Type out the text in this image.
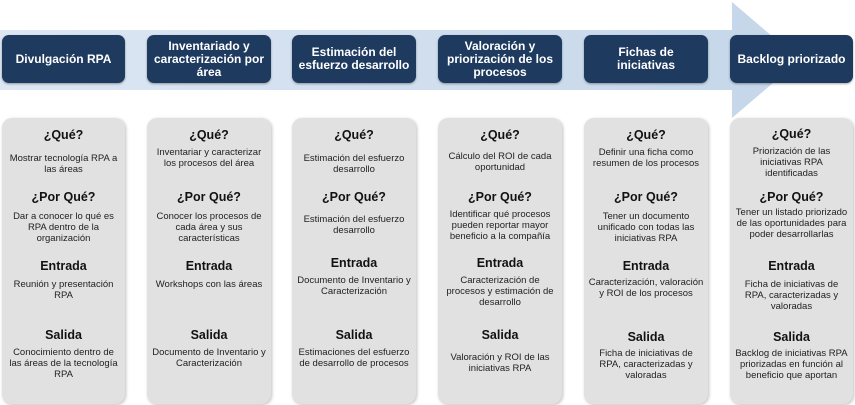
Divulgación RPA
Inventariado y caracterización por área
Estimación del esfuerzo desarrollo
Valoración y priorización de los procesos
Fichas de iniciativas	Backlog priorizado
¿Qué?
Mostrar tecnología RPA a las áreas
¿Por Qué?
Dar a conocer lo qué es RPA dentro de la organización
Entrada
Reunión y presentación RPA
Salida
Conocimiento dentro de las áreas de la tecnología RPA
¿Qué?
Inventariar y caracterizar los procesos del área
¿Por Qué?
Conocer los procesos de cada área y sus características
Entrada
Workshops con las áreas
Salida
Documento de Inventario y Caracterización
¿Qué?
Estimación del esfuerzo desarrollo
¿Por Qué?
Estimación del esfuerzo desarrollo
Entrada
Documento de Inventario y Caracterización
Salida
Estimaciones del esfuerzo de desarrollo de procesos
¿Qué?
Cálculo del ROI de cada oportunidad
¿Por Qué?
Identificar qué procesos pueden reportar mayor beneficio a la compañía
Entrada
Caracterización de procesos y estimación de desarrollo
Salida
Valoración y ROI de las iniciativas RPA
¿Qué?
Definir una ficha como resumen de los procesos
¿Por Qué?
Tener un documento unificado con todas las iniciativas RPA
Entrada
Caracterización, valoración y ROI de los procesos
Salida
Ficha de iniciativas de RPA, caracterizadas y valoradas
¿Qué?
Priorización de las iniciativas RPA identificadas
¿Por Qué?
Tener un listado priorizado de las oportunidades para poder desarrollarlas
Entrada
Ficha de iniciativas de RPA, caracterizadas y valoradas
Salida
Backlog de iniciativas RPA priorizadas en función al beneficio que aportan
